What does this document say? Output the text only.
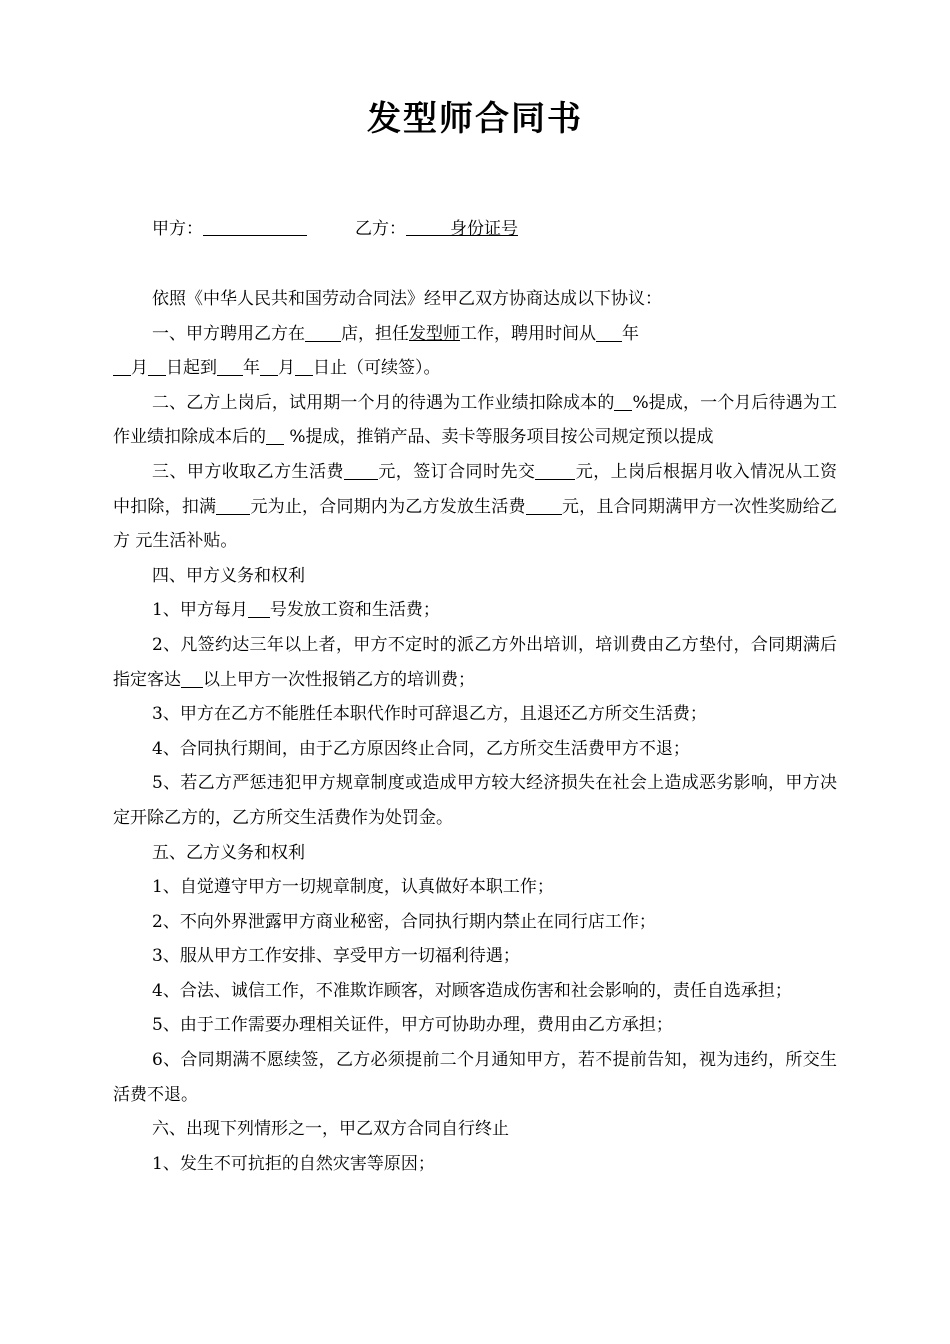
发型师合同书
甲方：	乙方：	身份证号

依照《中华人民共和国劳动合同法》经甲乙双方协商达成以下协议：

一、甲方聘用乙方在 店，担任发型师工作，聘用时间从 年

月 日起到 年 月 日止（可续签）。

二、乙方上岗后，试用期一个月的待遇为工作业绩扣除成本的 %提成，一个月后待遇为工作业绩扣除成本后的 %提成，推销产品、卖卡等服务项目按公司规定预以提成

三、甲方收取乙方生活费 元，签订合同时先交 元，上岗后根据月收入情况从工资中扣除，扣满 元为止，合同期内为乙方发放生活费 元，且合同期满甲方一次性奖励给乙方 元生活补贴。

四、甲方义务和权利

1、甲方每月 号发放工资和生活费；

2、凡签约达三年以上者，甲方不定时的派乙方外出培训，培训费由乙方垫付，合同期满后指定客达 以上甲方一次性报销乙方的培训费；

3、甲方在乙方不能胜任本职代作时可辞退乙方，且退还乙方所交生活费；

4、合同执行期间，由于乙方原因终止合同，乙方所交生活费甲方不退；

5、若乙方严惩违犯甲方规章制度或造成甲方较大经济损失在社会上造成恶劣影响，甲方决定开除乙方的，乙方所交生活费作为处罚金。

五、乙方义务和权利

1、自觉遵守甲方一切规章制度，认真做好本职工作；

2、不向外界泄露甲方商业秘密，合同执行期内禁止在同行店工作；

3、服从甲方工作安排、享受甲方一切福利待遇；

4、合法、诚信工作，不准欺诈顾客，对顾客造成伤害和社会影响的，责任自选承担；

5、由于工作需要办理相关证件，甲方可协助办理，费用由乙方承担；

6、合同期满不愿续签，乙方必须提前二个月通知甲方，若不提前告知，视为违约，所交生活费不退。

六、出现下列情形之一，甲乙双方合同自行终止

1、发生不可抗拒的自然灾害等原因；
